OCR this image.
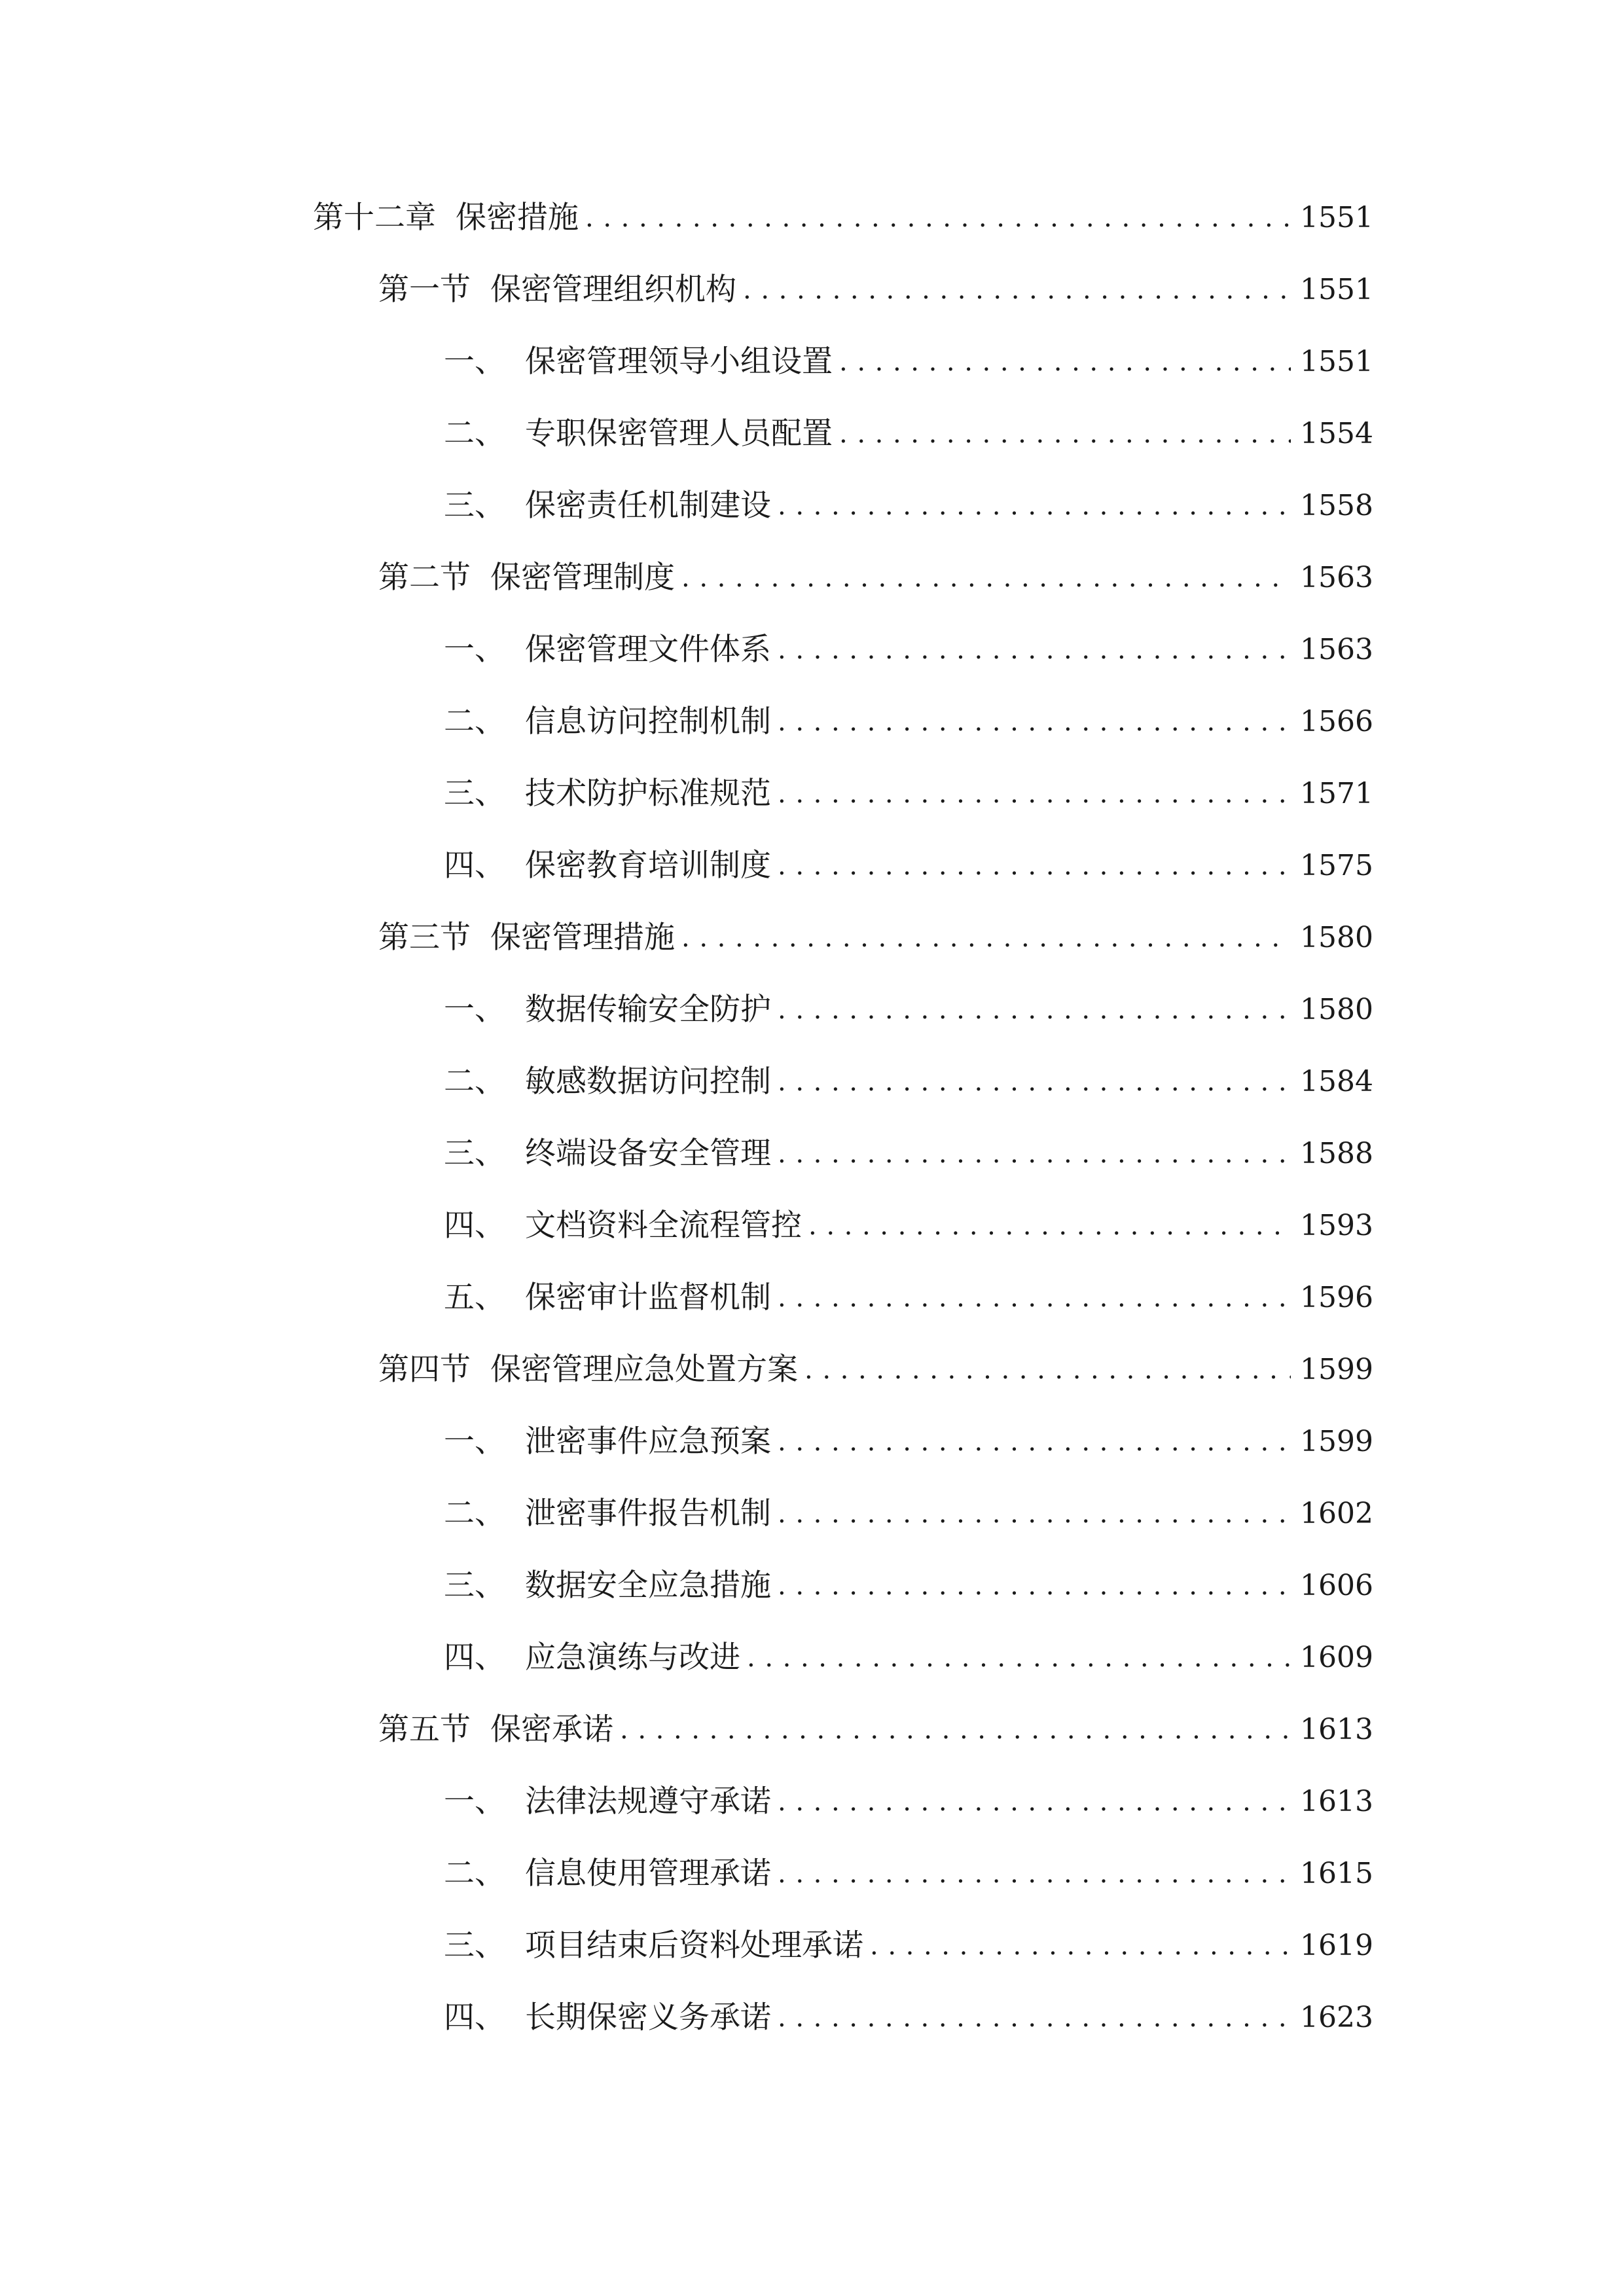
第十二章 保密措施 .....	1551
第一节 保密管理组织机构 .....	1551
一、 保密管理领导小组设置 .....	1551
二、 专职保密管理人员配置 .....	1554
三、 保密责任机制建设 .....	1558
第二节 保密管理制度 .....	1563
一、 保密管理文件体系 .....	1563
二、 信息访问控制机制 .....	1566
三、 技术防护标准规范 .....	1571
四、 保密教育培训制度 .....	1575
第三节 保密管理措施 .....	1580
一、 数据传输安全防护 .....	1580
二、 敏感数据访问控制 .....	1584
三、 终端设备安全管理 .....	1588
四、 文档资料全流程管控 .....	1593
五、 保密审计监督机制 .....	1596
第四节 保密管理应急处置方案 .....	1599
一、 泄密事件应急预案 .....	1599
二、 泄密事件报告机制 .....	1602
三、 数据安全应急措施 .....	1606
四、 应急演练与改进 .....	1609
第五节 保密承诺 .....	1613
一、 法律法规遵守承诺 .....	1613
二、 信息使用管理承诺 .....	1615
三、 项目结束后资料处理承诺 .....	1619
四、 长期保密义务承诺 .....	1623
